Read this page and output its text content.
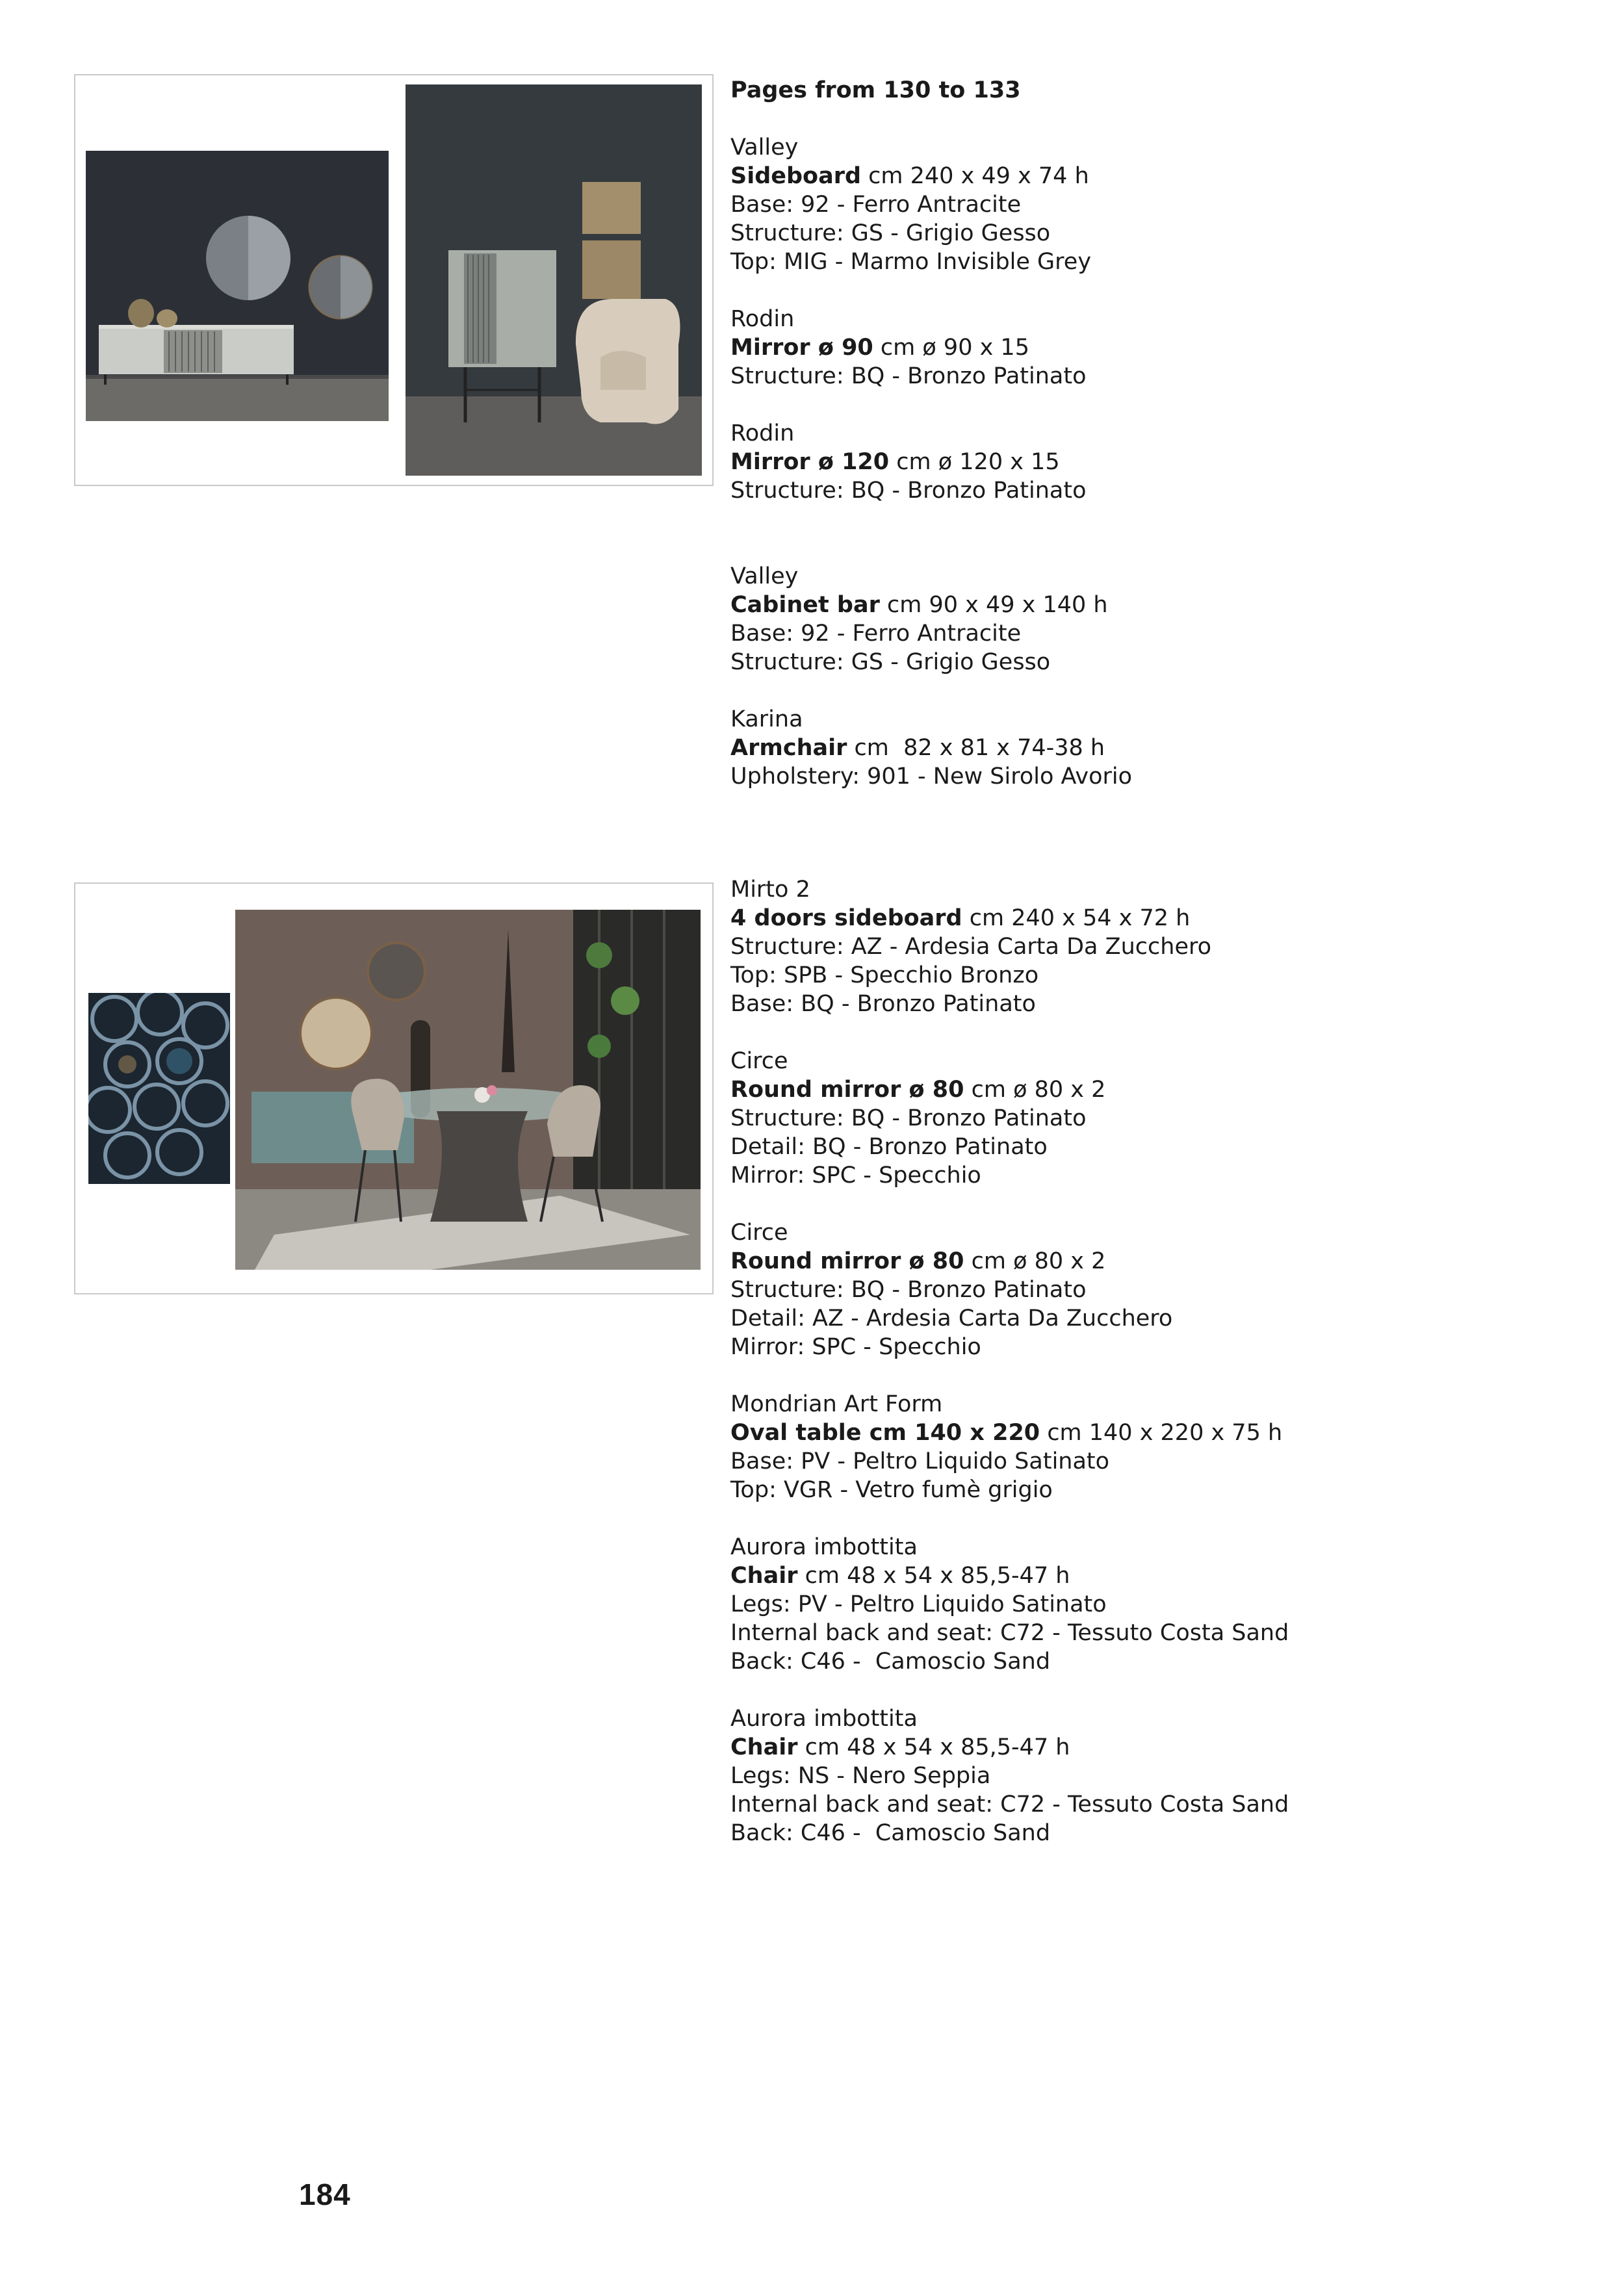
Pages from 130 to 133
Valley
Sideboard cm 240 x 49 x 74 h
Base: 92 - Ferro Antracite
Structure: GS - Grigio Gesso
Top: MIG - Marmo Invisible Grey
Rodin
Mirror ø 90 cm ø 90 x 15
Structure: BQ - Bronzo Patinato
Rodin
Mirror ø 120 cm ø 120 x 15
Structure: BQ - Bronzo Patinato
Valley
Cabinet bar cm 90 x 49 x 140 h
Base: 92 - Ferro Antracite
Structure: GS - Grigio Gesso
Karina
Armchair cm  82 x 81 x 74-38 h
Upholstery: 901 - New Sirolo Avorio
Mirto 2
4 doors sideboard cm 240 x 54 x 72 h
Structure: AZ - Ardesia Carta Da Zucchero
Top: SPB - Specchio Bronzo
Base: BQ - Bronzo Patinato
Circe
Round mirror ø 80 cm ø 80 x 2
Structure: BQ - Bronzo Patinato
Detail: BQ - Bronzo Patinato
Mirror: SPC - Specchio
Circe
Round mirror ø 80 cm ø 80 x 2
Structure: BQ - Bronzo Patinato
Detail: AZ - Ardesia Carta Da Zucchero
Mirror: SPC - Specchio
Mondrian Art Form
Oval table cm 140 x 220 cm 140 x 220 x 75 h
Base: PV - Peltro Liquido Satinato
Top: VGR - Vetro fumè grigio
Aurora imbottita
Chair cm 48 x 54 x 85,5-47 h
Legs: PV - Peltro Liquido Satinato
Internal back and seat: C72 - Tessuto Costa Sand
Back: C46 -  Camoscio Sand
Aurora imbottita
Chair cm 48 x 54 x 85,5-47 h
Legs: NS - Nero Seppia
Internal back and seat: C72 - Tessuto Costa Sand
Back: C46 -  Camoscio Sand
184
